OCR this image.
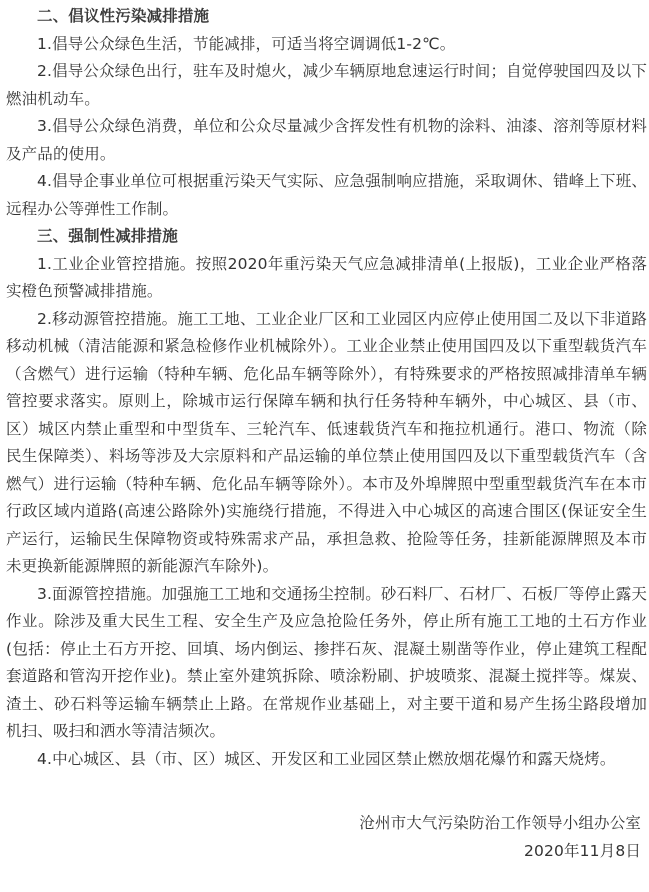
二、倡议性污染减排措施

1.倡导公众绿色生活，节能减排，可适当将空调调低1-2℃。

2.倡导公众绿色出行，驻车及时熄火，减少车辆原地怠速运行时间；自觉停驶国四及以下燃油机动车。

3.倡导公众绿色消费，单位和公众尽量减少含挥发性有机物的涂料、油漆、溶剂等原材料及产品的使用。

4.倡导企事业单位可根据重污染天气实际、应急强制响应措施，采取调休、错峰上下班、远程办公等弹性工作制。

三、强制性减排措施

1.工业企业管控措施。按照2020年重污染天气应急减排清单(上报版)，工业企业严格落实橙色预警减排措施。

2.移动源管控措施。施工工地、工业企业厂区和工业园区内应停止使用国二及以下非道路移动机械（清洁能源和紧急检修作业机械除外）。工业企业禁止使用国四及以下重型载货汽车（含燃气）进行运输（特种车辆、危化品车辆等除外），有特殊要求的严格按照减排清单车辆管控要求落实。原则上，除城市运行保障车辆和执行任务特种车辆外，中心城区、县（市、区）城区内禁止重型和中型货车、三轮汽车、低速载货汽车和拖拉机通行。港口、物流（除民生保障类）、料场等涉及大宗原料和产品运输的单位禁止使用国四及以下重型载货汽车（含燃气）进行运输（特种车辆、危化品车辆等除外）。本市及外埠牌照中型重型载货汽车在本市行政区域内道路(高速公路除外)实施绕行措施，不得进入中心城区的高速合围区(保证安全生产运行，运输民生保障物资或特殊需求产品，承担急救、抢险等任务，挂新能源牌照及本市未更换新能源牌照的新能源汽车除外)。

3.面源管控措施。加强施工工地和交通扬尘控制。砂石料厂、石材厂、石板厂等停止露天作业。除涉及重大民生工程、安全生产及应急抢险任务外，停止所有施工工地的土石方作业(包括：停止土石方开挖、回填、场内倒运、掺拌石灰、混凝土剔凿等作业，停止建筑工程配套道路和管沟开挖作业)。禁止室外建筑拆除、喷涂粉刷、护坡喷浆、混凝土搅拌等。煤炭、渣土、砂石料等运输车辆禁止上路。在常规作业基础上，对主要干道和易产生扬尘路段增加机扫、吸扫和洒水等清洁频次。

4.中心城区、县（市、区）城区、开发区和工业园区禁止燃放烟花爆竹和露天烧烤。

沧州市大气污染防治工作领导小组办公室

2020年11月8日
